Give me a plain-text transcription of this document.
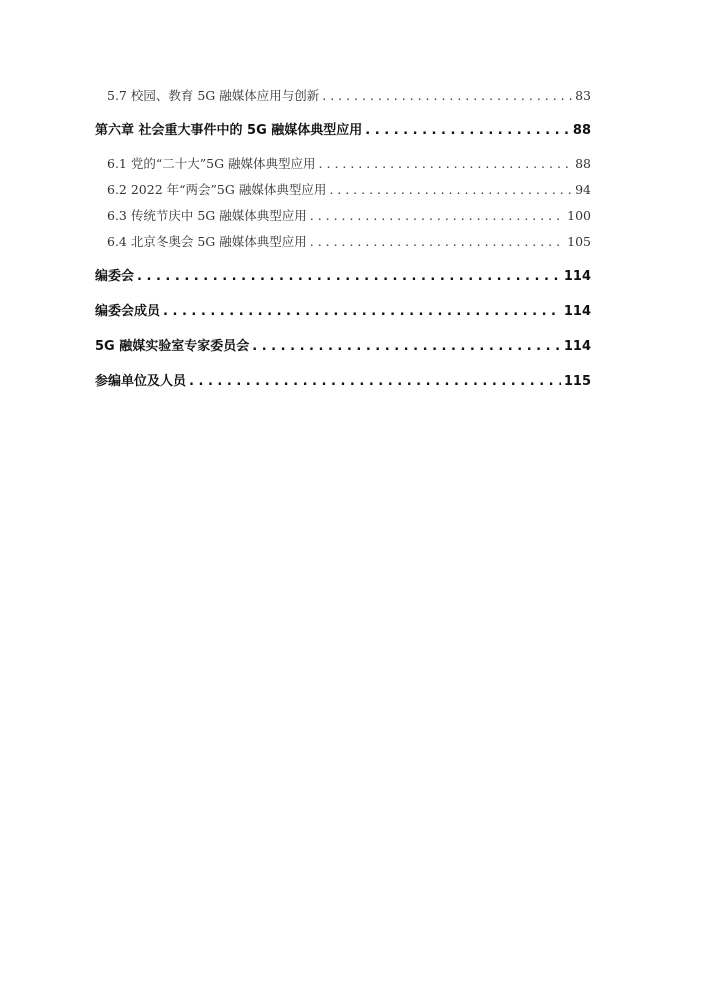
5.7 校园、教育 5G 融媒体应用与创新 . . .	83
第六章 社会重大事件中的 5G 融媒体典型应用 . . .	88
6.1 党的“二十大”5G 融媒体典型应用 . . .	88
6.2 2022 年“两会”5G 融媒体典型应用 . . .	94
6.3 传统节庆中 5G 融媒体典型应用 . . .	100
6.4 北京冬奥会 5G 融媒体典型应用 . . .	105
编委会 . . .	114
编委会成员 . . .	114
5G 融媒实验室专家委员会 . . .	114
参编单位及人员 . . .	115
